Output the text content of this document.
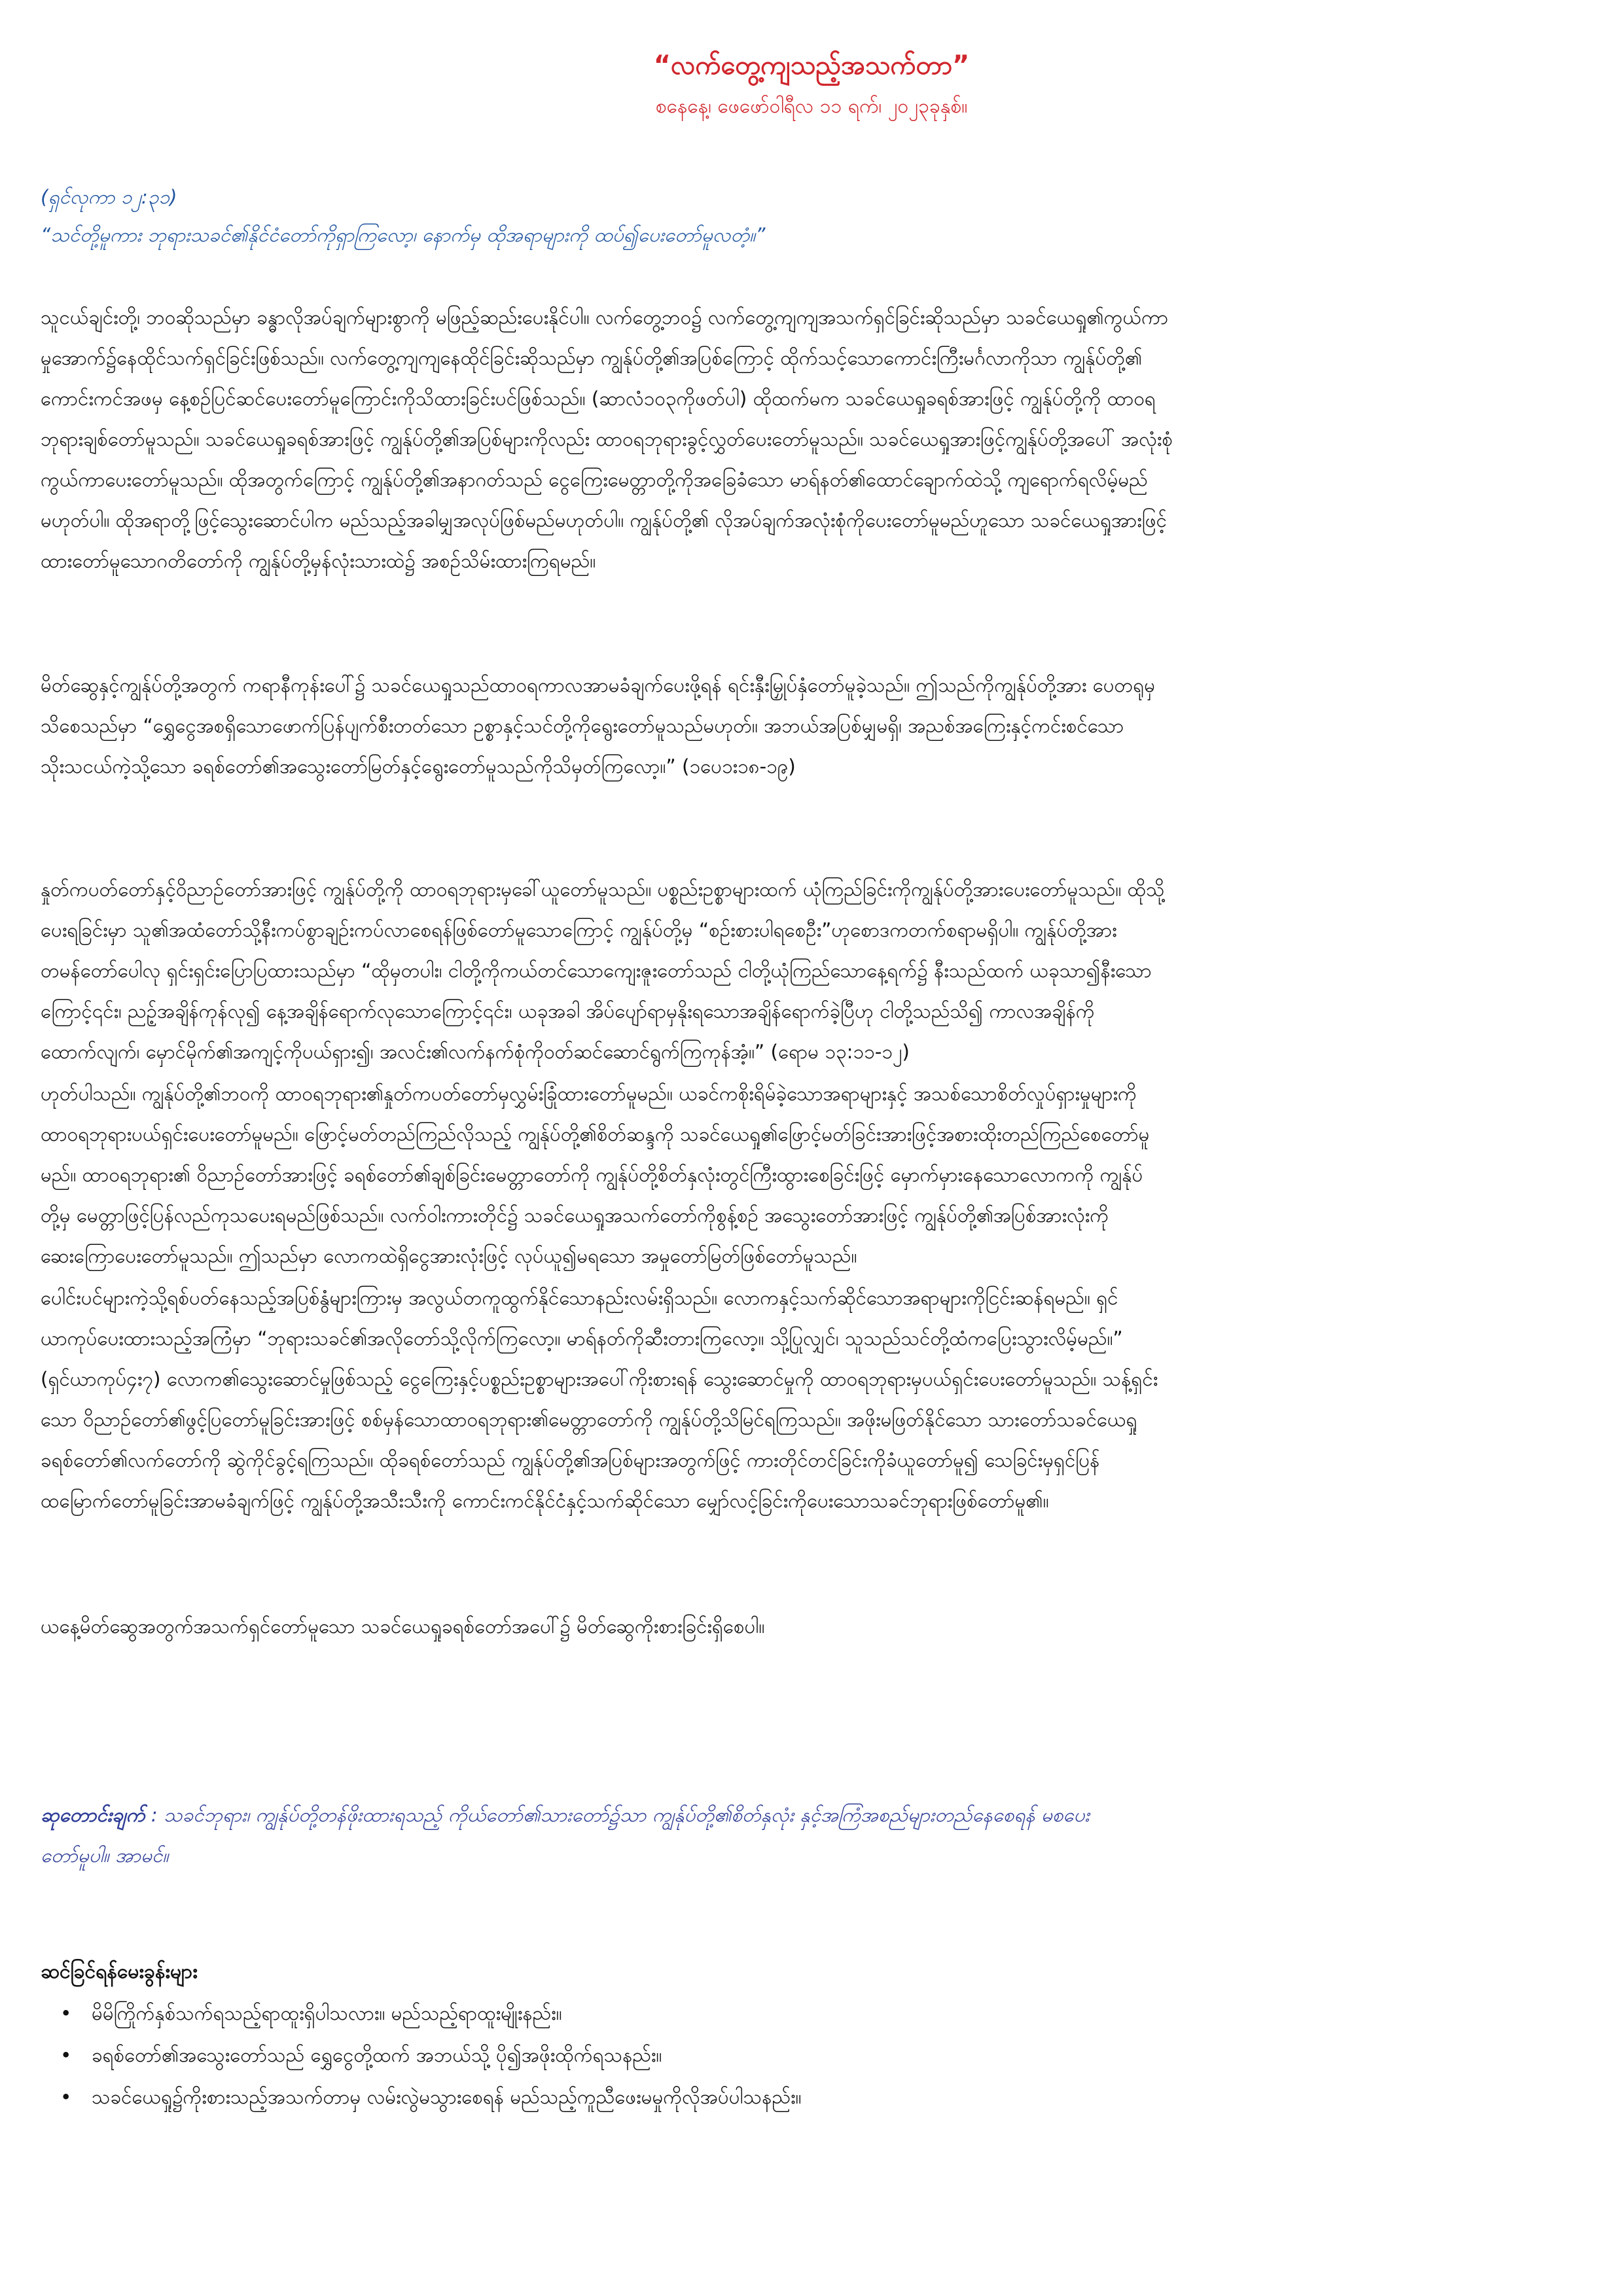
“လက်တွေ့ကျသည့်အသက်တာ”
စနေနေ့၊ ဖေဖော်ဝါရီလ ၁၁ ရက်၊ ၂၀၂၃ခုနှစ်။
(ရှင်လုကာ ၁၂:၃၁)
“သင်တို့မူကား ဘုရားသခင်၏နိုင်ငံတော်ကိုရှာကြလော့၊ နောက်မှ ထိုအရာများကို ထပ်၍ပေးတော်မူလတံ့။”
သူငယ်ချင်းတို့၊ ဘဝဆိုသည်မှာ ခန္ဓာလိုအပ်ချက်များစွာကို မဖြည့်ဆည်းပေးနိုင်ပါ။ လက်တွေ့ဘဝ၌ လက်တွေ့ကျကျအသက်ရှင်ခြင်းဆိုသည်မှာ သခင်ယေရှု၏ကွယ်ကာ
မှုအောက်၌နေထိုင်သက်ရှင်ခြင်းဖြစ်သည်။ လက်တွေ့ကျကျနေထိုင်ခြင်းဆိုသည်မှာ ကျွန်ုပ်တို့၏အပြစ်ကြောင့် ထိုက်သင့်သောကောင်းကြီးမင်္ဂလာကိုသာ ကျွန်ုပ်တို့၏
ကောင်းကင်အဖမှ နေ့စဉ်ပြင်ဆင်ပေးတော်မူကြောင်းကိုသိထားခြင်းပင်ဖြစ်သည်။ (ဆာလံ၁၀၃ကိုဖတ်ပါ) ထိုထက်မက သခင်ယေရှုခရစ်အားဖြင့် ကျွန်ုပ်တို့ကို ထာဝရ
ဘုရားချစ်တော်မူသည်။ သခင်ယေရှုခရစ်အားဖြင့် ကျွန်ုပ်တို့၏အပြစ်များကိုလည်း ထာဝရဘုရားခွင့်လွှတ်ပေးတော်မူသည်။ သခင်ယေရှုအားဖြင့်ကျွန်ုပ်တို့အပေါ် အလုံးစုံ
ကွယ်ကာပေးတော်မူသည်။ ထိုအတွက်ကြောင့် ကျွန်ုပ်တို့၏အနာဂတ်သည် ငွေကြေးမေတ္တာတို့ကိုအခြေခံသော မာရ်နတ်၏ထောင်ချောက်ထဲသို့ ကျရောက်ရလိမ့်မည်
မဟုတ်ပါ။ ထိုအရာတို့ဖြင့်သွေးဆောင်ပါက မည်သည့်အခါမျှအလုပ်ဖြစ်မည်မဟုတ်ပါ။ ကျွန်ုပ်တို့၏ လိုအပ်ချက်အလုံးစုံကိုပေးတော်မူမည်ဟူသော သခင်ယေရှုအားဖြင့်
ထားတော်မူသောဂတိတော်ကို ကျွန်ုပ်တို့မှန်လုံးသားထဲ၌ အစဉ်သိမ်းထားကြရမည်။
မိတ်ဆွေနှင့်ကျွန်ုပ်တို့အတွက် ကရာနီကုန်းပေါ်၌ သခင်ယေရှုသည်ထာဝရကာလအာမခံချက်ပေးဖို့ရန် ရင်းနှီးမြှုပ်နှံတော်မူခဲ့သည်။ ဤသည်ကိုကျွန်ုပ်တို့အား ပေတရုမှ
သိစေသည်မှာ “ရွှေငွေအစရှိသောဖောက်ပြန်ပျက်စီးတတ်သော ဥစ္စာနှင့်သင်တို့ကိုရွေးတော်မူသည်မဟုတ်။ အဘယ်အပြစ်မျှမရှိ၊ အညစ်အကြေးနှင့်ကင်းစင်သော
သိုးသငယ်ကဲ့သို့သော ခရစ်တော်၏အသွေးတော်မြတ်နှင့်ရွေးတော်မူသည်ကိုသိမှတ်ကြလော့။” (၁ပေ၁း၁၈-၁၉)
နှုတ်ကပတ်တော်နှင့်ဝိညာဉ်တော်အားဖြင့် ကျွန်ုပ်တို့ကို ထာဝရဘုရားမှခေါ်ယူတော်မူသည်။ ပစ္စည်းဥစ္စာများထက် ယုံကြည်ခြင်းကိုကျွန်ုပ်တို့အားပေးတော်မူသည်။ ထိုသို့
ပေးရခြင်းမှာ သူ၏အထံတော်သို့နီးကပ်စွာချဉ်းကပ်လာစေရန်ဖြစ်တော်မူသောကြောင့် ကျွန်ုပ်တို့မှ “စဉ်းစားပါရစေဦး”ဟုစောဒကတက်စရာမရှိပါ။ ကျွန်ုပ်တို့အား
တမန်တော်ပေါလု ရှင်းရှင်းပြောပြထားသည်မှာ “ထိုမှတပါး၊ ငါတို့ကိုကယ်တင်သောကျေးဇူးတော်သည် ငါတို့ယုံကြည်သောနေ့ရက်၌ နီးသည်ထက် ယခုသာ၍နီးသော
ကြောင့်၎င်း၊ ညဉ့်အချိန်ကုန်လု၍ နေ့အချိန်ရောက်လုသောကြောင့်၎င်း၊ ယခုအခါ အိပ်ပျော်ရာမှနိုးရသောအချိန်ရောက်ခဲ့ပြီဟု ငါတို့သည်သိ၍ ကာလအချိန်ကို
ထောက်လျက်၊ မှောင်မိုက်၏အကျင့်ကိုပယ်ရှား၍၊ အလင်း၏လက်နက်စုံကိုဝတ်ဆင်ဆောင်ရွက်ကြကုန်အံ့။” (ရောမ ၁၃:၁၁-၁၂)
ဟုတ်ပါသည်။ ကျွန်ုပ်တို့၏ဘဝကို ထာဝရဘုရား၏နှုတ်ကပတ်တော်မှလွှမ်းခြုံထားတော်မူမည်။ ယခင်ကစိုးရိမ်ခဲ့သောအရာများနှင့် အသစ်သောစိတ်လှုပ်ရှားမှုများကို
ထာဝရဘုရားပယ်ရှင်းပေးတော်မူမည်။ ဖြောင့်မတ်တည်ကြည်လိုသည့် ကျွန်ုပ်တို့၏စိတ်ဆန္ဒကို သခင်ယေရှု၏ဖြောင့်မတ်ခြင်းအားဖြင့်အစားထိုးတည်ကြည်စေတော်မူ
မည်။ ထာဝရဘုရား၏ ဝိညာဉ်တော်အားဖြင့် ခရစ်တော်၏ချစ်ခြင်းမေတ္တာတော်ကို ကျွန်ုပ်တို့စိတ်နှလုံးတွင်ကြီးထွားစေခြင်းဖြင့် မှောက်မှားနေသောလောကကို ကျွန်ုပ်
တို့မှ မေတ္တာဖြင့်ပြန်လည်ကုသပေးရမည်ဖြစ်သည်။ လက်ဝါးကားတိုင်၌ သခင်ယေရှုအသက်တော်ကိုစွန့်စဉ် အသွေးတော်အားဖြင့် ကျွန်ုပ်တို့၏အပြစ်အားလုံးကို
ဆေးကြောပေးတော်မူသည်။ ဤသည်မှာ လောကထဲရှိငွေအားလုံးဖြင့် လုပ်ယူ၍မရသော အမှုတော်မြတ်ဖြစ်တော်မူသည်။
ပေါင်းပင်များကဲ့သို့ရစ်ပတ်နေသည့်အပြစ်နွံများကြားမှ အလွယ်တကူထွက်နိုင်သောနည်းလမ်းရှိသည်။ လောကနှင့်သက်ဆိုင်သောအရာများကိုငြင်းဆန်ရမည်။ ရှင်
ယာကုပ်ပေးထားသည့်အကြံမှာ “ဘုရားသခင်၏အလိုတော်သို့လိုက်ကြလော့။ မာရ်နတ်ကိုဆီးတားကြလော့။ သို့ပြုလျှင်၊ သူသည်သင်တို့ထံကပြေးသွားလိမ့်မည်။”
(ရှင်ယာကုပ်၄း၇) လောက၏သွေးဆောင်မှုဖြစ်သည့် ငွေကြေးနှင့်ပစ္စည်းဥစ္စာများအပေါ်ကိုးစားရန် သွေးဆောင်မှုကို ထာဝရဘုရားမှပယ်ရှင်းပေးတော်မူသည်။ သန့်ရှင်း
သော ဝိညာဉ်တော်၏ဖွင့်ပြတော်မူခြင်းအားဖြင့် စစ်မှန်သောထာဝရဘုရား၏မေတ္တာတော်ကို ကျွန်ုပ်တို့သိမြင်ရကြသည်။ အဖိုးမဖြတ်နိုင်သော သားတော်သခင်ယေရှု
ခရစ်တော်၏လက်တော်ကို ဆွဲကိုင်ခွင့်ရကြသည်။ ထိုခရစ်တော်သည် ကျွန်ုပ်တို့၏အပြစ်များအတွက်ဖြင့် ကားတိုင်တင်ခြင်းကိုခံယူတော်မူ၍ သေခြင်းမှရှင်ပြန်
ထမြောက်တော်မူခြင်းအာမခံချက်ဖြင့် ကျွန်ုပ်တို့အသီးသီးကို ကောင်းကင်နိုင်ငံနှင့်သက်ဆိုင်သော မျှော်လင့်ခြင်းကိုပေးသောသခင်ဘုရားဖြစ်တော်မူ၏။
ယနေ့မိတ်ဆွေအတွက်အသက်ရှင်တော်မူသော သခင်ယေရှုခရစ်တော်အပေါ်၌ မိတ်ဆွေကိုးစားခြင်းရှိစေပါ။
ဆုတောင်းချက် : သခင်ဘုရား၊ ကျွန်ုပ်တို့တန်ဖိုးထားရသည့် ကိုယ်တော်၏သားတော်၌သာ ကျွန်ုပ်တို့၏စိတ်နှလုံး နှင့်အကြံအစည်များတည်နေစေရန် မစပေး
တော်မူပါ။ အာမင်။
ဆင်ခြင်ရန်မေးခွန်းများ
• မိမိကြိုက်နှစ်သက်ရသည့်ရာထူးရှိပါသလား။ မည်သည့်ရာထူးမျိုးနည်း။
• ခရစ်တော်၏အသွေးတော်သည် ရွှေငွေတို့ထက် အဘယ်သို့ ပို၍အဖိုးထိုက်ရသနည်း။
• သခင်ယေရှု၌ကိုးစားသည့်အသက်တာမှ လမ်းလွဲမသွားစေရန် မည်သည့်ကူညီဖေးမမှုကိုလိုအပ်ပါသနည်း။
